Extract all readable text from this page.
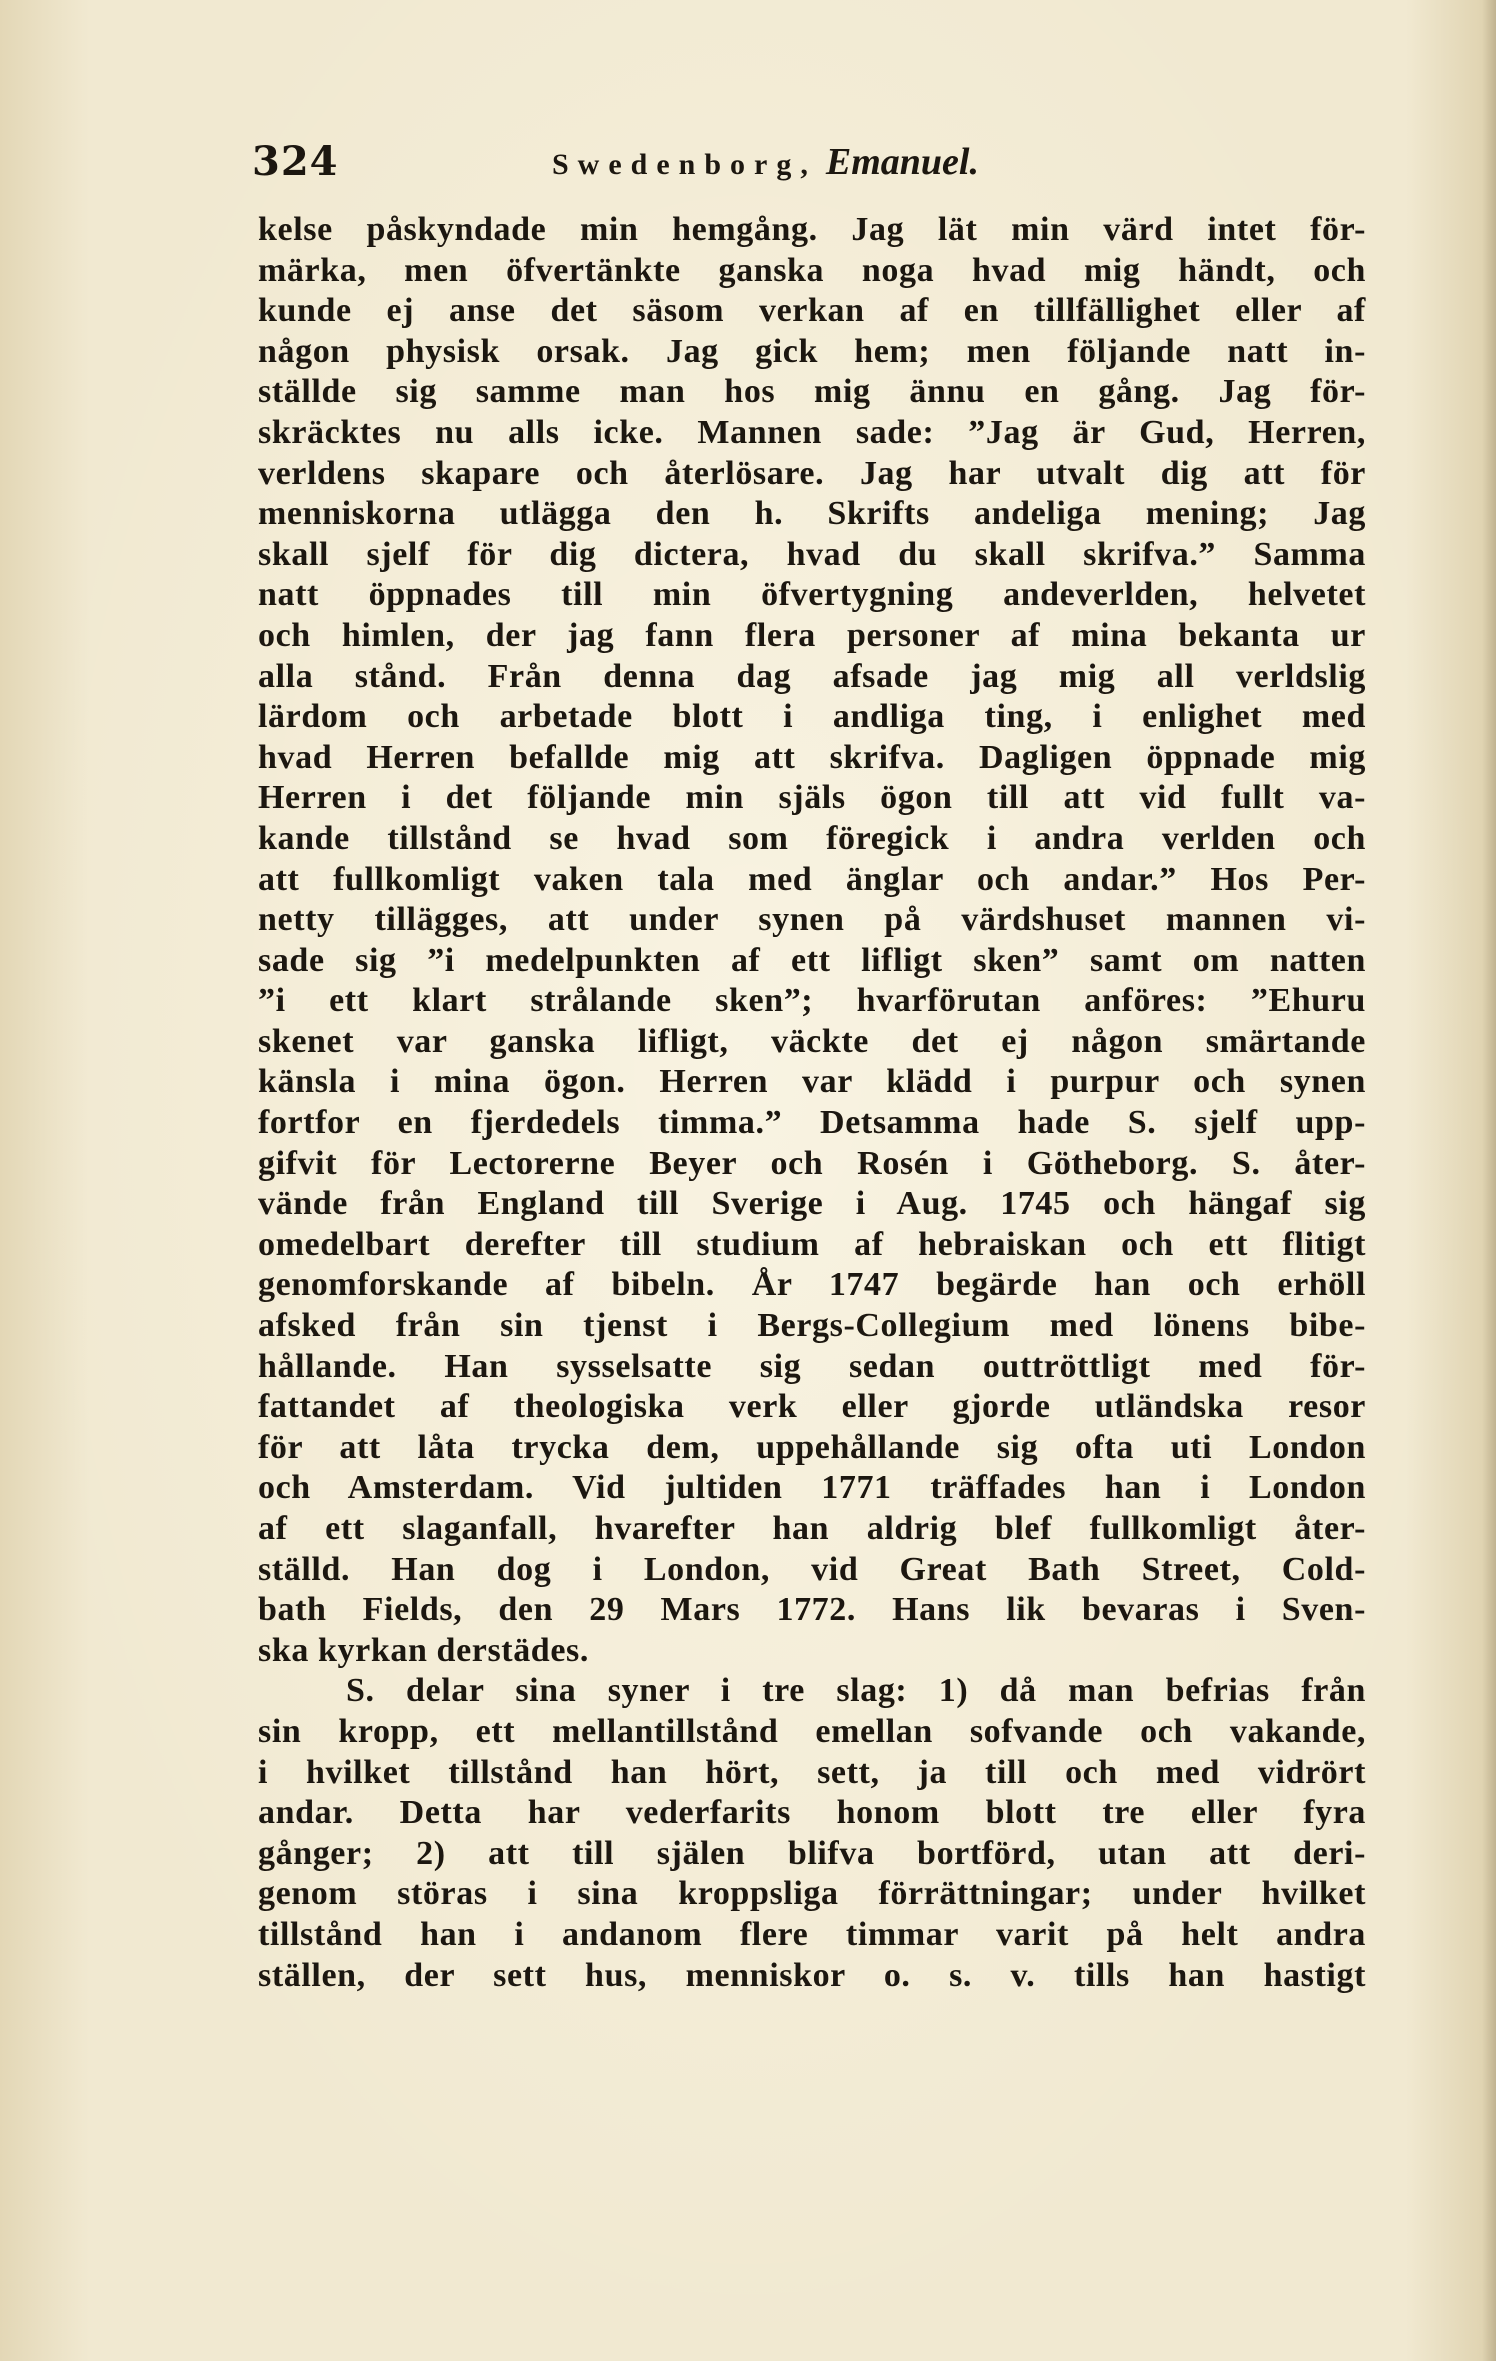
324	Swedenborg, Emanuel.
kelse påskyndade min hemgång. Jag lät min värd intet för-
märka, men öfvertänkte ganska noga hvad mig händt, och
kunde ej anse det säsom verkan af en tillfällighet eller af
någon physisk orsak. Jag gick hem; men följande natt in-
ställde sig samme man hos mig ännu en gång. Jag för-
skräcktes nu alls icke. Mannen sade: ”Jag är Gud, Herren,
verldens skapare och återlösare. Jag har utvalt dig att för
menniskorna utlägga den h. Skrifts andeliga mening; Jag
skall sjelf för dig dictera, hvad du skall skrifva.” Samma
natt öppnades till min öfvertygning andeverlden, helvetet
och himlen, der jag fann flera personer af mina bekanta ur
alla stånd. Från denna dag afsade jag mig all verldslig
lärdom och arbetade blott i andliga ting, i enlighet med
hvad Herren befallde mig att skrifva. Dagligen öppnade mig
Herren i det följande min själs ögon till att vid fullt va-
kande tillstånd se hvad som föregick i andra verlden och
att fullkomligt vaken tala med änglar och andar.” Hos Per-
netty tillägges, att under synen på värdshuset mannen vi-
sade sig ”i medelpunkten af ett lifligt sken” samt om natten
”i ett klart strålande sken”; hvarförutan anföres: ”Ehuru
skenet var ganska lifligt, väckte det ej någon smärtande
känsla i mina ögon. Herren var klädd i purpur och synen
fortfor en fjerdedels timma.” Detsamma hade S. sjelf upp-
gifvit för Lectorerne Beyer och Rosén i Götheborg. S. åter-
vände från England till Sverige i Aug. 1745 och hängaf sig
omedelbart derefter till studium af hebraiskan och ett flitigt
genomforskande af bibeln. År 1747 begärde han och erhöll
afsked från sin tjenst i Bergs-Collegium med lönens bibe-
hållande. Han sysselsatte sig sedan outtröttligt med för-
fattandet af theologiska verk eller gjorde utländska resor
för att låta trycka dem, uppehållande sig ofta uti London
och Amsterdam. Vid jultiden 1771 träffades han i London
af ett slaganfall, hvarefter han aldrig blef fullkomligt åter-
ställd. Han dog i London, vid Great Bath Street, Cold-
bath Fields, den 29 Mars 1772. Hans lik bevaras i Sven-
ska kyrkan derstädes.
S. delar sina syner i tre slag: 1) då man befrias från
sin kropp, ett mellantillstånd emellan sofvande och vakande,
i hvilket tillstånd han hört, sett, ja till och med vidrört
andar. Detta har vederfarits honom blott tre eller fyra
gånger; 2) att till själen blifva bortförd, utan att deri-
genom störas i sina kroppsliga förrättningar; under hvilket
tillstånd han i andanom flere timmar varit på helt andra
ställen, der sett hus, menniskor o. s. v. tills han hastigt
